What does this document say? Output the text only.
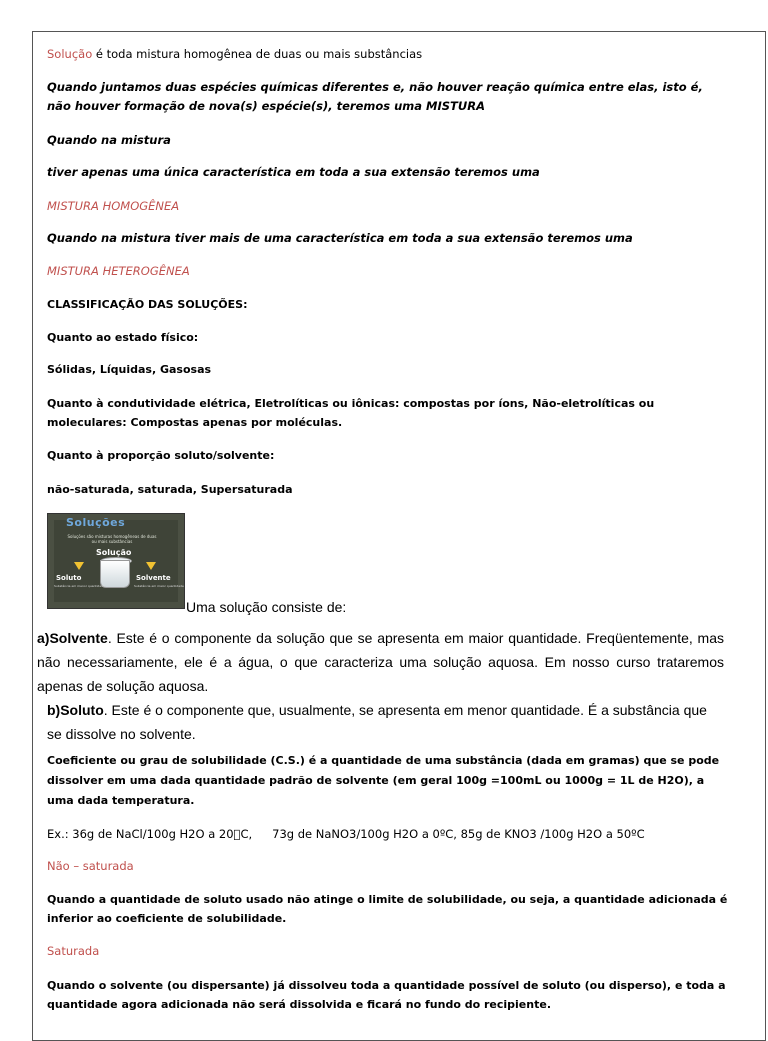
Solução é toda mistura homogênea de duas ou mais substâncias

Quando juntamos duas espécies químicas diferentes e, não houver reação química entre elas, isto é, não houver formação de nova(s) espécie(s), teremos uma MISTURA

Quando na mistura

tiver apenas uma única característica em toda a sua extensão teremos uma

MISTURA HOMOGÊNEA

Quando na mistura tiver mais de uma característica em toda a sua extensão teremos uma

MISTURA HETEROGÊNEA

CLASSIFICAÇÃO DAS SOLUÇÕES:

Quanto ao estado físico:

Sólidas, Líquidas, Gasosas

Quanto à condutividade elétrica, Eletrolíticas ou iônicas: compostas por íons, Não-eletrolíticas ou moleculares: Compostas apenas por moléculas.

Quanto à proporção soluto/solvente:

não-saturada, saturada, Supersaturada

Soluções
Soluções são misturas homogêneas de duas ou mais substâncias
Solução
Soluto	Solvente
Substância em menor quantidade	Substância em maior quantidade

Uma solução consiste de:

a)Solvente. Este é o componente da solução que se apresenta em maior quantidade. Freqüentemente, mas não necessariamente, ele é a água, o que caracteriza uma solução aquosa. Em nosso curso trataremos apenas de solução aquosa.

b)Soluto. Este é o componente que, usualmente, se apresenta em menor quantidade. É a substância que se dissolve no solvente.

Coeficiente ou grau de solubilidade (C.S.) é a quantidade de uma substância (dada em gramas) que se pode dissolver em uma dada quantidade padrão de solvente (em geral 100g =100mL ou 1000g = 1L de H2O), a uma dada temperatura.

Ex.: 36g de NaCl/100g H2O a 20 C, 73g de NaNO3/100g H2O a 0ºC, 85g de KNO3 /100g H2O a 50ºC

Não – saturada

Quando a quantidade de soluto usado não atinge o limite de solubilidade, ou seja, a quantidade adicionada é inferior ao coeficiente de solubilidade.

Saturada

Quando o solvente (ou dispersante) já dissolveu toda a quantidade possível de soluto (ou disperso), e toda a quantidade agora adicionada não será dissolvida e ficará no fundo do recipiente.
